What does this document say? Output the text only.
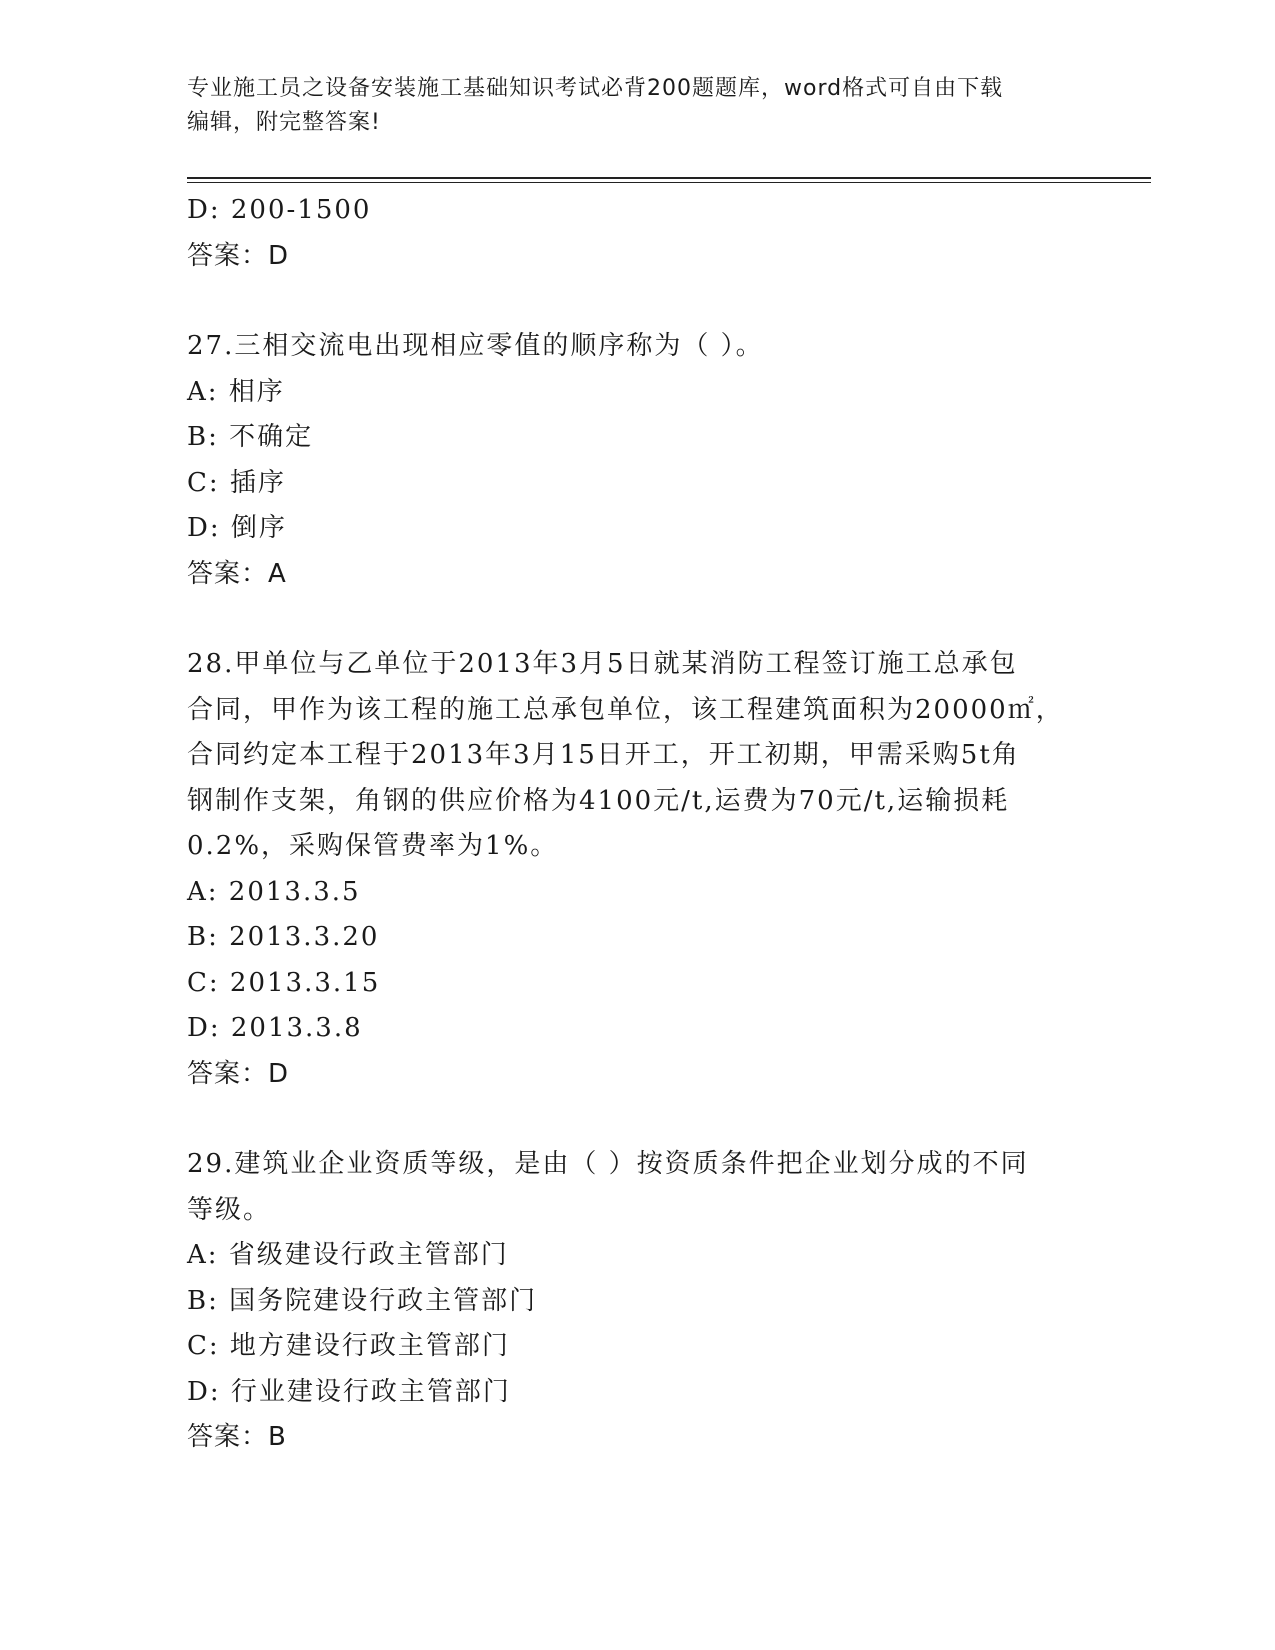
专业施工员之设备安装施工基础知识考试必背200题题库，word格式可自由下载
编辑，附完整答案!
D: 200-1500
答案：D
27.三相交流电出现相应零值的顺序称为（ ）。
A: 相序
B: 不确定
C: 插序
D: 倒序
答案：A
28.甲单位与乙单位于2013年3月5日就某消防工程签订施工总承包
合同，甲作为该工程的施工总承包单位，该工程建筑面积为20000㎡，
合同约定本工程于2013年3月15日开工，开工初期，甲需采购5t角
钢制作支架，角钢的供应价格为4100元/t,运费为70元/t,运输损耗
0.2%，采购保管费率为1%。
A: 2013.3.5
B: 2013.3.20
C: 2013.3.15
D: 2013.3.8
答案：D
29.建筑业企业资质等级，是由（ ）按资质条件把企业划分成的不同
等级。
A: 省级建设行政主管部门
B: 国务院建设行政主管部门
C: 地方建设行政主管部门
D: 行业建设行政主管部门
答案：B
